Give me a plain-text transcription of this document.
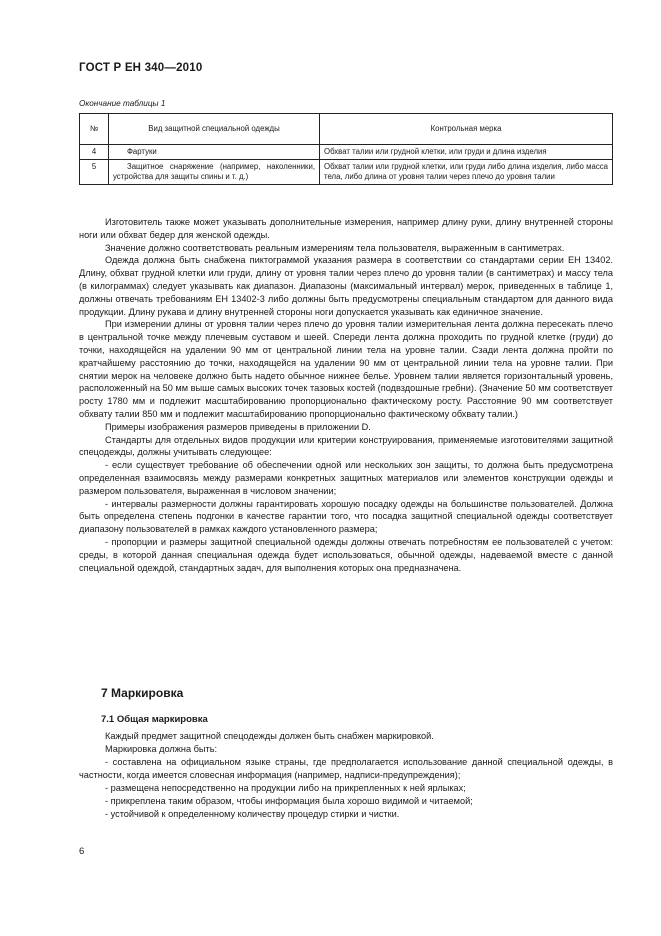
ГОСТ Р ЕН 340—2010
Окончание таблицы 1
№	Вид защитной специальной одежды	Контрольная мерка
4	Фартуки	Обхват талии или грудной клетки, или груди и длина изделия
5	Защитное снаряжение (например, наколенники, устройства для защиты спины и т. д.)	Обхват талии или грудной клетки, или груди либо длина изделия, либо масса тела, либо длина от уровня талии через плечо до уровня талии

Изготовитель также может указывать дополнительные измерения, например длину руки, длину внутренней стороны ноги или обхват бедер для женской одежды.

Значение должно соответствовать реальным измерениям тела пользователя, выраженным в сантиметрах.

Одежда должна быть снабжена пиктограммой указания размера в соответствии со стандартами серии ЕН 13402. Длину, обхват грудной клетки или груди, длину от уровня талии через плечо до уровня талии (в сантиметрах) и массу тела (в килограммах) следует указывать как диапазон. Диапазоны (максимальный интервал) мерок, приведенных в таблице 1, должны отвечать требованиям ЕН 13402-3 либо должны быть предусмотрены специальным стандартом для данного вида продукции. Длину рукава и длину внутренней стороны ноги допускается указывать как единичное значение.

При измерении длины от уровня талии через плечо до уровня талии измерительная лента должна пересекать плечо в центральной точке между плечевым суставом и шеей. Спереди лента должна проходить по грудной клетке (груди) до точки, находящейся на удалении 90 мм от центральной линии тела на уровне талии. Сзади лента должна пройти по кратчайшему расстоянию до точки, находящейся на удалении 90 мм от центральной линии тела на уровне талии. При снятии мерок на человеке должно быть надето обычное нижнее белье. Уровнем талии является горизонтальный уровень, расположенный на 50 мм выше самых высоких точек тазовых костей (подвздошные гребни). (Значение 50 мм соответствует росту 1780 мм и подлежит масштабированию пропорционально фактическому росту. Расстояние 90 мм соответствует обхвату талии 850 мм и подлежит масштабированию пропорционально фактическому обхвату талии.)

Примеры изображения размеров приведены в приложении D.

Стандарты для отдельных видов продукции или критерии конструирования, применяемые изготовителями защитной спецодежды, должны учитывать следующее:

- если существует требование об обеспечении одной или нескольких зон защиты, то должна быть предусмотрена определенная взаимосвязь между размерами конкретных защитных материалов или элементов конструкции одежды и размером пользователя, выраженная в числовом значении;

- интервалы размерности должны гарантировать хорошую посадку одежды на большинстве пользователей. Должна быть определена степень подгонки в качестве гарантии того, что посадка защитной специальной одежды соответствует диапазону пользователей в рамках каждого установленного размера;

- пропорции и размеры защитной специальной одежды должны отвечать потребностям ее пользователей с учетом: среды, в которой данная специальная одежда будет использоваться, обычной одежды, надеваемой вместе с данной специальной одеждой, стандартных задач, для выполнения которых она предназначена.

7 Маркировка
7.1 Общая маркировка

Каждый предмет защитной спецодежды должен быть снабжен маркировкой.

Маркировка должна быть:

- составлена на официальном языке страны, где предполагается использование данной специальной одежды, в частности, когда имеется словесная информация (например, надписи-предупреждения);

- размещена непосредственно на продукции либо на прикрепленных к ней ярлыках;

- прикреплена таким образом, чтобы информация была хорошо видимой и читаемой;

- устойчивой к определенному количеству процедур стирки и чистки.

6
